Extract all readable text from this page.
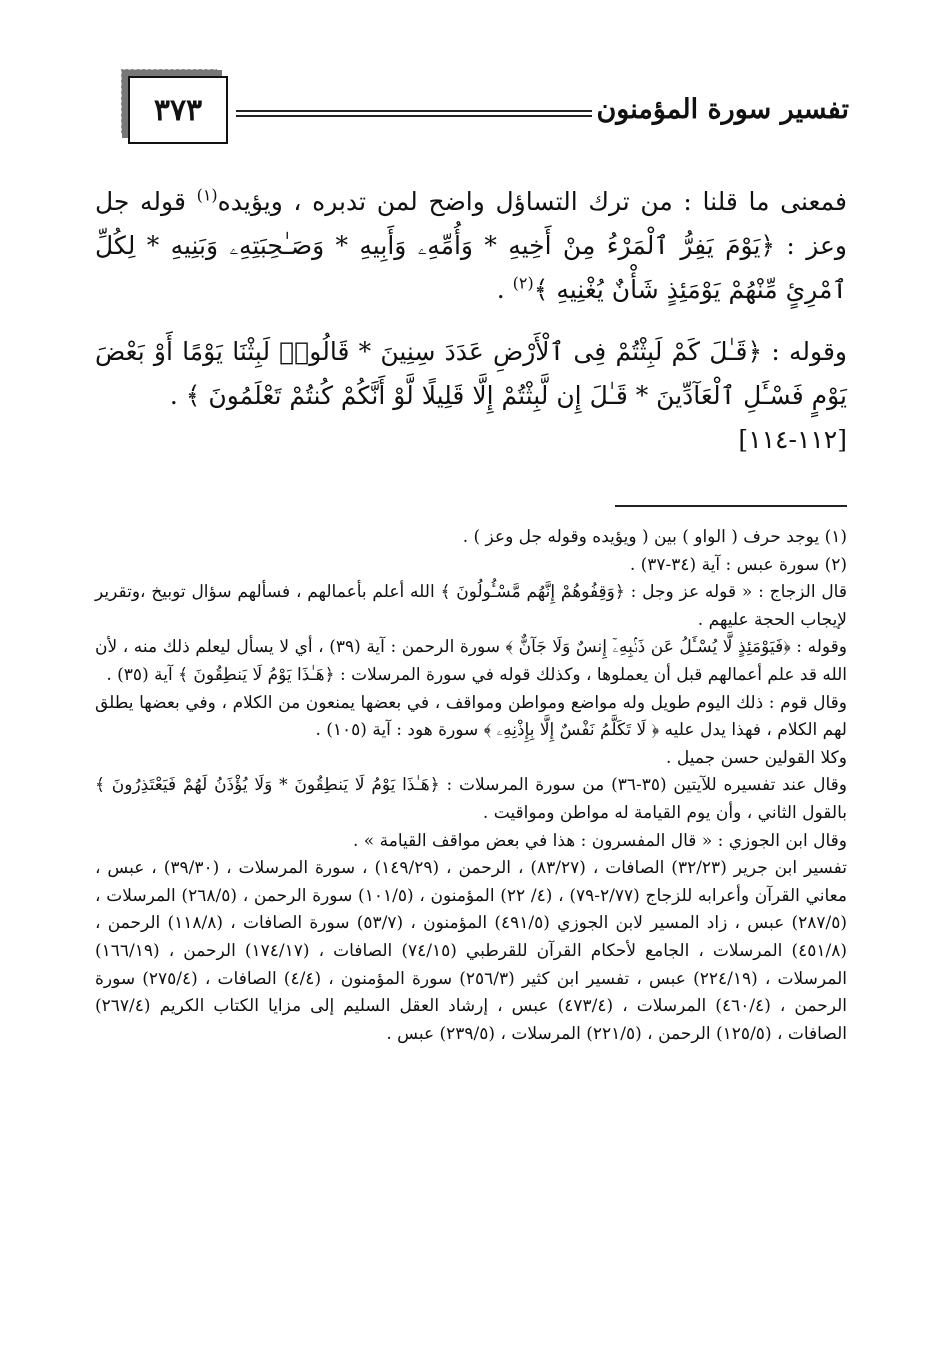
٣٧٣	تفسير سورة المؤمنون

فمعنى ما قلنا : من ترك التساؤل واضح لمن تدبره ، ويؤيده$^{(١)}$ قوله جل وعز : ﴿يَوْمَ يَفِرُّ ٱلْمَرْءُ مِنْ أَخِيهِ * وَأُمِّهِۦ وَأَبِيهِ * وَصَـٰحِبَتِهِۦ وَبَنِيهِ * لِكُلِّ ٱمْرِئٍ مِّنْهُمْ يَوْمَئِذٍ شَأْنٌ يُغْنِيهِ ﴾$^{(٢)}$ .

وقوله : ﴿قَـٰلَ كَمْ لَبِثْتُمْ فِى ٱلْأَرْضِ عَدَدَ سِنِينَ * قَالُوا۟ لَبِثْنَا يَوْمًا أَوْ بَعْضَ يَوْمٍ فَسْـَٔلِ ٱلْعَآدِّينَ * قَـٰلَ إِن لَّبِثْتُمْ إِلَّا قَلِيلًا لَّوْ أَنَّكُمْ كُنتُمْ تَعْلَمُونَ ﴾ .
[١١٢-١١٤]

(١) يوجد حرف ( الواو ) بين ( ويؤيده وقوله جل وعز ) .

(٢) سورة عبس : آية (٣٤-٣٧) .

قال الزجاج : « قوله عز وجل : ﴿وَقِفُوهُمْ إِنَّهُم مَّسْـُٔولُونَ ﴾ الله أعلم بأعمالهم ، فسألهم سؤال توبيخ ،وتقرير لإيجاب الحجة عليهم .

وقوله : ﴿فَيَوْمَئِذٍ لَّا يُسْـَٔلُ عَن ذَنۢبِهِۦٓ إِنسٌ وَلَا جَآنٌّ ﴾ سورة الرحمن : آية (٣٩) ، أي لا يسأل ليعلم ذلك منه ، لأن الله قد علم أعمالهم قبل أن يعملوها ، وكذلك قوله في سورة المرسلات : ﴿هَـٰذَا يَوْمُ لَا يَنطِقُونَ ﴾ آية (٣٥) .

وقال قوم : ذلك اليوم طويل وله مواضع ومواطن ومواقف ، في بعضها يمنعون من الكلام ، وفي بعضها يطلق لهم الكلام ، فهذا يدل عليه ﴿ لَا تَكَلَّمُ نَفْسٌ إِلَّا بِإِذْنِهِۦ ﴾ سورة هود : آية (١٠٥) .

وكلا القولين حسن جميل .

وقال عند تفسيره للآيتين (٣٥-٣٦) من سورة المرسلات : ﴿هَـٰذَا يَوْمُ لَا يَنطِقُونَ * وَلَا يُؤْذَنُ لَهُمْ فَيَعْتَذِرُونَ ﴾ بالقول الثاني ، وأن يوم القيامة له مواطن ومواقيت .

وقال ابن الجوزي : « قال المفسرون : هذا في بعض مواقف القيامة » .

تفسير ابن جرير (٣٢/٢٣) الصافات ، (٨٣/٢٧) ، الرحمن ، (١٤٩/٢٩) ، سورة المرسلات ، (٣٩/٣٠) ، عبس ، معاني القرآن وأعرابه للزجاج (٢/٧٧-٧٩) ، (٤/ ٢٢) المؤمنون ، (١٠١/٥) سورة الرحمن ، (٢٦٨/٥) المرسلات ، (٢٨٧/٥) عبس ، زاد المسير لابن الجوزي (٤٩١/٥) المؤمنون ، (٥٣/٧) سورة الصافات ، (١١٨/٨) الرحمن ، (٤٥١/٨) المرسلات ، الجامع لأحكام القرآن للقرطبي (٧٤/١٥) الصافات ، (١٧٤/١٧) الرحمن ، (١٦٦/١٩) المرسلات ، (٢٢٤/١٩) عبس ، تفسير ابن كثير (٢٥٦/٣) سورة المؤمنون ، (٤/٤) الصافات ، (٢٧٥/٤) سورة الرحمن ، (٤٦٠/٤) المرسلات ، (٤٧٣/٤) عبس ، إرشاد العقل السليم إلى مزايا الكتاب الكريم (٢٦٧/٤) الصافات ، (١٢٥/٥) الرحمن ، (٢٢١/٥) المرسلات ، (٢٣٩/٥) عبس .
